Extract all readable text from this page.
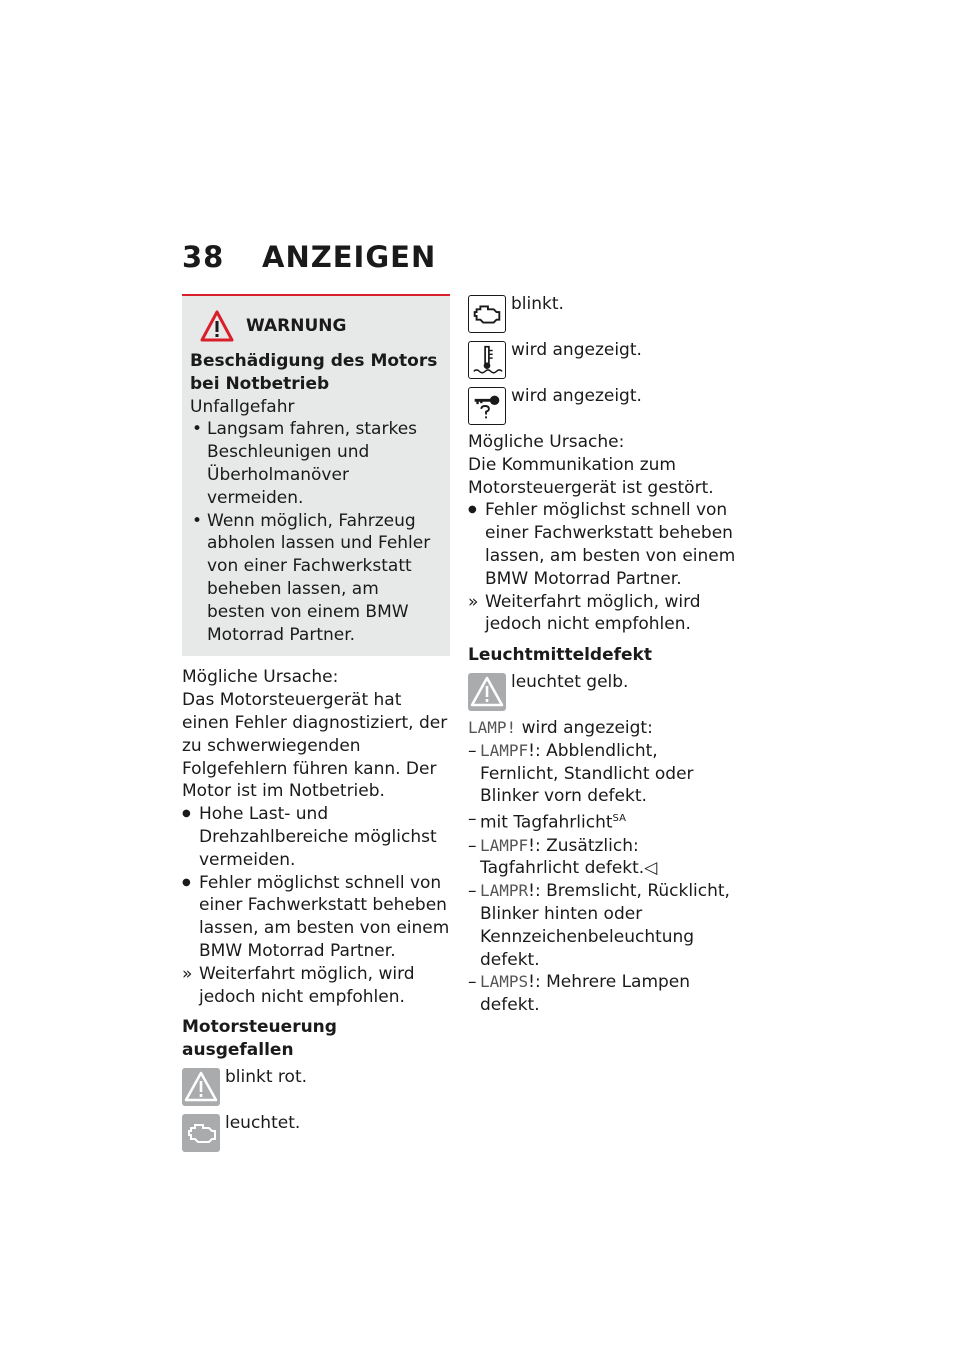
38 ANZEIGEN
WARNUNG

Beschädigung des Motors

bei Notbetrieb

Unfallgefahr

• Langsam fahren, starkes Beschleunigen und Überholmanöver vermeiden.
• Wenn möglich, Fahrzeug abholen lassen und Fehler von einer Fachwerkstatt beheben lassen, am besten von einem BMW Motorrad Partner.

Mögliche Ursache:

Das Motorsteuergerät hat einen Fehler diagnostiziert, der zu schwerwiegenden Folgefehlern führen kann. Der Motor ist im Notbetrieb.

● Hohe Last- und Drehzahlbereiche möglichst vermeiden.
● Fehler möglichst schnell von einer Fachwerkstatt beheben lassen, am besten von einem BMW Motorrad Partner.
» Weiterfahrt möglich, wird jedoch nicht empfohlen.

Motorsteuerung ausgefallen

blinkt rot.
leuchtet.
blinkt.
wird angezeigt.
wird angezeigt.

Mögliche Ursache:

Die Kommunikation zum Motorsteuergerät ist gestört.

● Fehler möglichst schnell von einer Fachwerkstatt beheben lassen, am besten von einem BMW Motorrad Partner.
» Weiterfahrt möglich, wird jedoch nicht empfohlen.

Leuchtmitteldefekt

leuchtet gelb.

LAMP! wird angezeigt:

– LAMPF!: Abblendlicht, Fernlicht, Standlicht oder Blinker vorn defekt.
– mit Tagfahrlicht$^{SA}$
– LAMPF!: Zusätzlich: Tagfahrlicht defekt.◁
– LAMPR!: Bremslicht, Rücklicht, Blinker hinten oder Kennzeichenbeleuchtung defekt.
– LAMPS!: Mehrere Lampen defekt.
